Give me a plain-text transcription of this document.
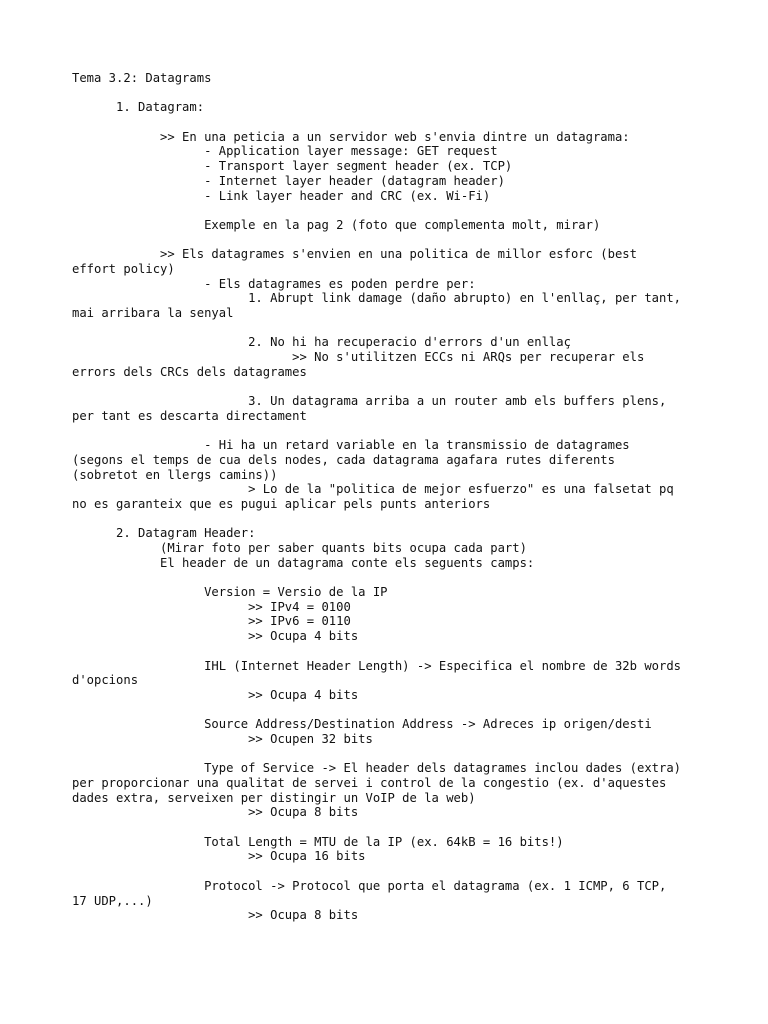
Tema 3.2: Datagrams

1. Datagram:

>> En una peticia a un servidor web s'envia dintre un datagrama:
- Application layer message: GET request
- Transport layer segment header (ex. TCP)
- Internet layer header (datagram header)
- Link layer header and CRC (ex. Wi-Fi)

Exemple en la pag 2 (foto que complementa molt, mirar)

>> Els datagrames s'envien en una politica de millor esforc (best
effort policy)
- Els datagrames es poden perdre per:
1. Abrupt link damage (daño abrupto) en l'enllaç, per tant,
mai arribara la senyal

2. No hi ha recuperacio d'errors d'un enllaç
>> No s'utilitzen ECCs ni ARQs per recuperar els
errors dels CRCs dels datagrames

3. Un datagrama arriba a un router amb els buffers plens,
per tant es descarta directament

- Hi ha un retard variable en la transmissio de datagrames
(segons el temps de cua dels nodes, cada datagrama agafara rutes diferents
(sobretot en llergs camins))
> Lo de la "politica de mejor esfuerzo" es una falsetat pq
no es garanteix que es pugui aplicar pels punts anteriors

2. Datagram Header:
(Mirar foto per saber quants bits ocupa cada part)
El header de un datagrama conte els seguents camps:

Version = Versio de la IP
>> IPv4 = 0100
>> IPv6 = 0110
>> Ocupa 4 bits

IHL (Internet Header Length) -> Especifica el nombre de 32b words
d'opcions
>> Ocupa 4 bits

Source Address/Destination Address -> Adreces ip origen/desti
>> Ocupen 32 bits

Type of Service -> El header dels datagrames inclou dades (extra)
per proporcionar una qualitat de servei i control de la congestio (ex. d'aquestes
dades extra, serveixen per distingir un VoIP de la web)
>> Ocupa 8 bits

Total Length = MTU de la IP (ex. 64kB = 16 bits!)
>> Ocupa 16 bits

Protocol -> Protocol que porta el datagrama (ex. 1 ICMP, 6 TCP,
17 UDP,...)
>> Ocupa 8 bits
